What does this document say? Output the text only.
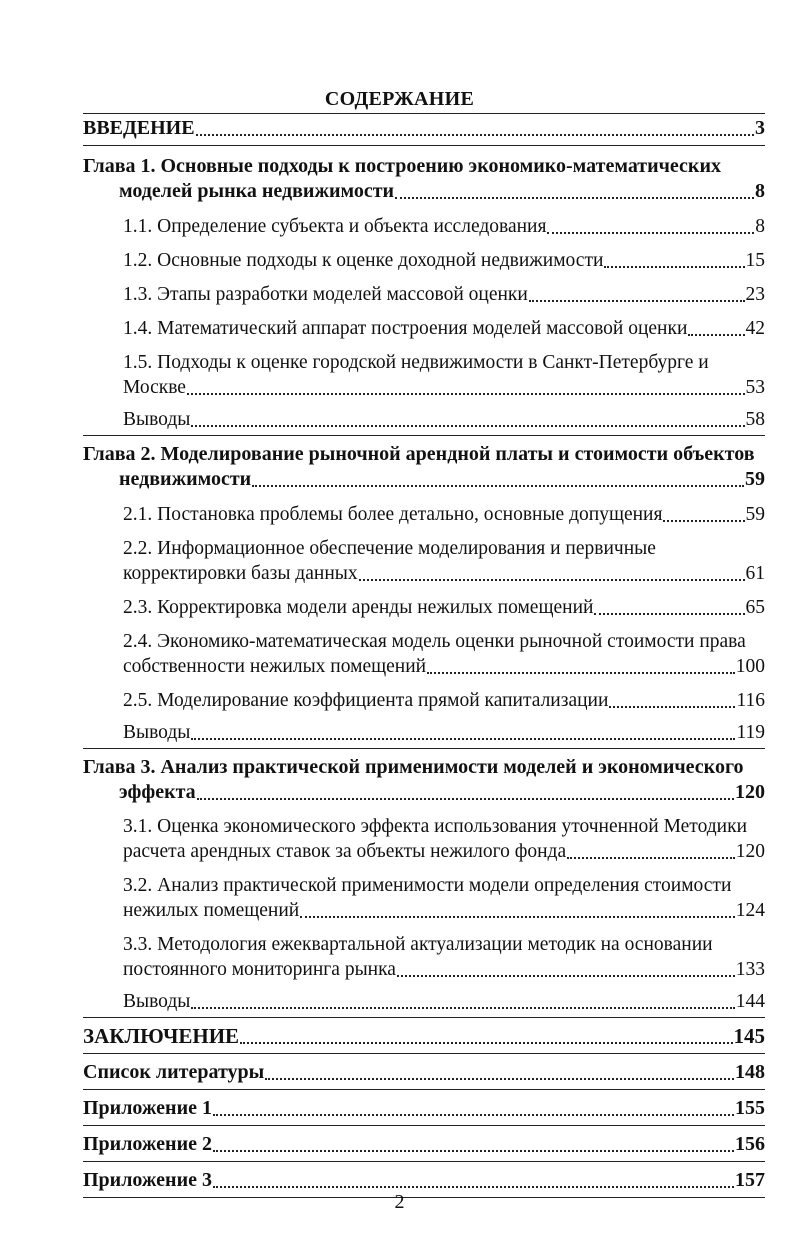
СОДЕРЖАНИЕ
ВВЕДЕНИЕ	3
Глава 1. Основные подходы к построению экономико-математических
моделей рынка недвижимости	8
1.1. Определение субъекта и объекта исследования	8
1.2. Основные подходы к оценке доходной недвижимости	15
1.3. Этапы разработки моделей массовой оценки	23
1.4. Математический аппарат построения моделей массовой оценки	42
1.5. Подходы к оценке городской недвижимости в Санкт-Петербурге и
Москве	53
Выводы	58
Глава 2. Моделирование рыночной арендной платы и стоимости объектов
недвижимости	59
2.1. Постановка проблемы более детально, основные допущения	59
2.2. Информационное обеспечение моделирования и первичные
корректировки базы данных	61
2.3. Корректировка модели аренды нежилых помещений	65
2.4. Экономико-математическая модель оценки рыночной стоимости права
собственности нежилых помещений	100
2.5. Моделирование коэффициента прямой капитализации	116
Выводы	119
Глава 3. Анализ практической применимости моделей и экономического
эффекта	120
3.1. Оценка экономического эффекта использования уточненной Методики
расчета арендных ставок за объекты нежилого фонда	120
3.2. Анализ практической применимости модели определения стоимости
нежилых помещений	124
3.3. Методология ежеквартальной актуализации методик на основании
постоянного мониторинга рынка	133
Выводы	144
ЗАКЛЮЧЕНИЕ	145
Список литературы	148
Приложение 1	155
Приложение 2	156
Приложение 3	157
2
